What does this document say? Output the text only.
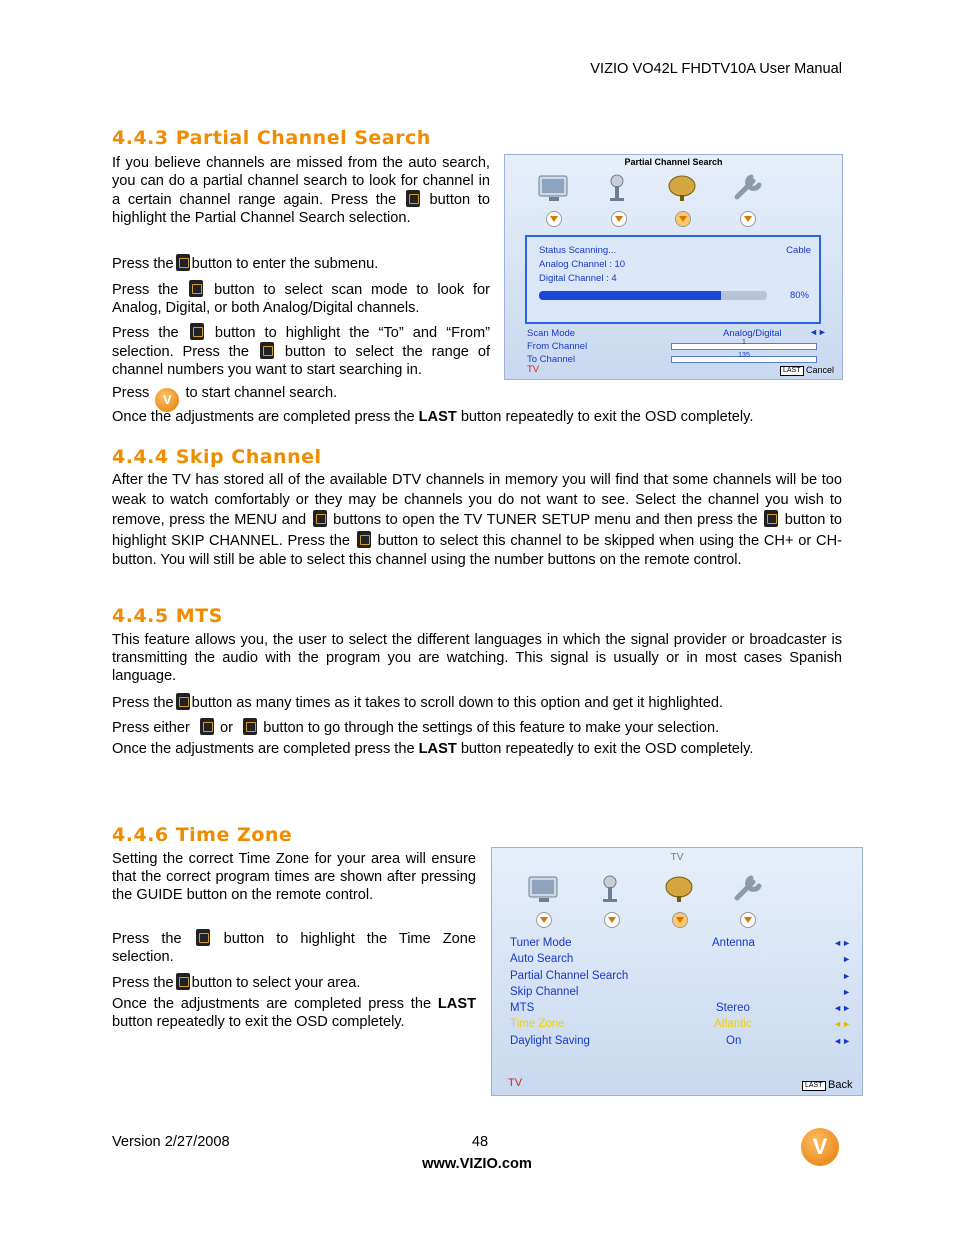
VIZIO VO42L FHDTV10A User Manual
4.4.3 Partial Channel Search

If you believe channels are missed from the auto search, you can do a partial channel search to look for channel in a certain channel range again. Press the button to highlight the Partial Channel Search selection.

Press the button to enter the submenu.

Press the button to select scan mode to look for Analog, Digital, or both Analog/Digital channels.

Press the button to highlight the “To” and “From” selection. Press the button to select the range of channel numbers you want to start searching in.

Press V to start channel search.

Once the adjustments are completed press the LAST button repeatedly to exit the OSD completely.

Partial Channel Search
Status Scanning...	Cable
Analog Channel : 10
Digital Channel : 4
80%
Scan Mode	Analog/Digital	◄►
From Channel	1
To Channel	135
TV	LAST Cancel
4.4.4 Skip Channel

After the TV has stored all of the available DTV channels in memory you will find that some channels will be too weak to watch comfortably or they may be channels you do not want to see. Select the channel you wish to remove, press the MENU and buttons to open the TV TUNER SETUP menu and then press the button to highlight SKIP CHANNEL. Press the button to select this channel to be skipped when using the CH+ or CH- button. You will still be able to select this channel using the number buttons on the remote control.

4.4.5 MTS

This feature allows you, the user to select the different languages in which the signal provider or broadcaster is transmitting the audio with the program you are watching. This signal is usually or in most cases Spanish language.

Press the button as many times as it takes to scroll down to this option and get it highlighted.

Press either or button to go through the settings of this feature to make your selection.

Once the adjustments are completed press the LAST button repeatedly to exit the OSD completely.

4.4.6 Time Zone

Setting the correct Time Zone for your area will ensure that the correct program times are shown after pressing the GUIDE button on the remote control.

Press the	button to highlight the Time Zone selection.

Press the button to select your area.

Once the adjustments are completed press the LAST button repeatedly to exit the OSD completely.

TV
Tuner Mode	Antenna	◄►
Auto Search	►
Partial Channel Search	►
Skip Channel	►
MTS	Stereo	◄►
Time Zone	Atlantic	◄►
Daylight Saving	On	◄►
TV	LAST Back
Version 2/27/2008	48
www.VIZIO.com
V
